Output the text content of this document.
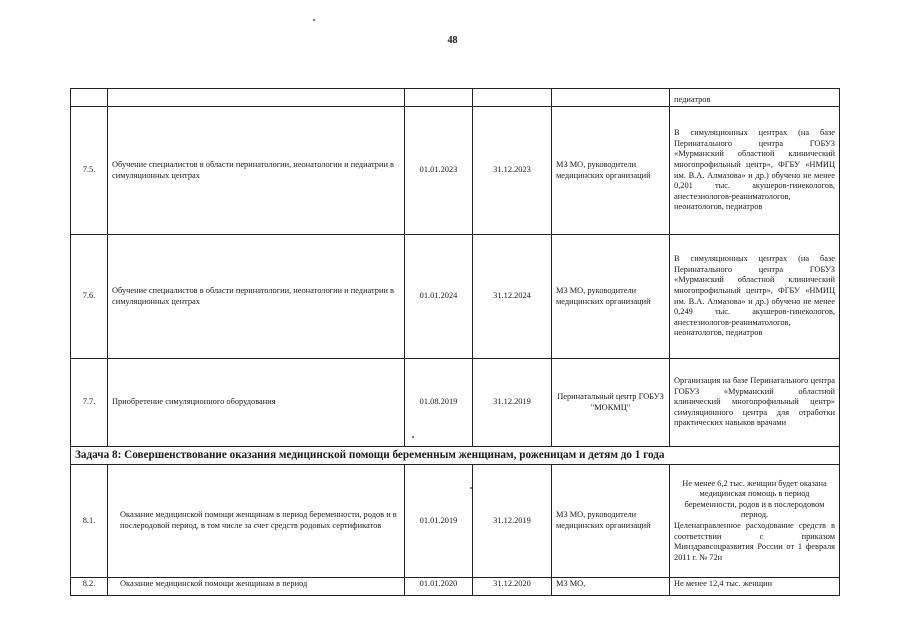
48
					педиатров
7.5.	Обучение специалистов в области перинатологии, неонатологии и педиатрии в симуляционных центрах	01.01.2023	31.12.2023	МЗ МО, руководители медицинских организаций	В симуляционных центрах (на базе Перинатального центра ГОБУЗ «Мурманский областной клинический многопрофильный центр», ФГБУ «НМИЦ им. В.А. Алмазова» и др.) обучено не менее 0,201 тыс. акушеров-гинекологов, анестезиологов-реаниматологов, неонатологов, педиатров
7.6.	Обучение специалистов в области перинатологии, неонатологии и педиатрии в симуляционных центрах	01.01.2024	31.12.2024	МЗ МО, руководители медицинских организаций	В симуляционных центрах (на базе Перинатального центра ГОБУЗ «Мурманский областной клинический многопрофильный центр», ФГБУ «НМИЦ им. В.А. Алмазова» и др.) обучено не менее 0,249 тыс. акушеров-гинекологов, анестезиологов-реаниматологов, неонатологов, педиатров
7.7.	Приобретение симуляционного оборудования	01.08.2019	31.12.2019	Перинатальный центр ГОБУЗ "МОКМЦ"	Организация на базе Перинатального центра ГОБУЗ «Мурманский областной клинический многопрофильный центр» симуляционного центра для отработки практических навыков врачами
Задача 8: Совершенствование оказания медицинской помощи беременным женщинам, роженицам и детям до 1 года					
8.1.	Оказание медицинской помощи женщинам в период беременности, родов и в послеродовой период, в том числе за счет средств родовых сертификатов	01.01.2019	31.12.2019	МЗ МО, руководители медицинских организаций	Не менее 6,2 тыс. женщин будет оказана медицинская помощь в период беременности, родов и в послеродовом период.
Целенаправленное расходование средств в соответствии с приказом Минздравсоцразвития России от 1 февраля 2011 г. № 72н

8.2.	Оказание медицинской помощи женщинам в период	01.01.2020	31.12.2020	МЗ МО,	Не менее 12,4 тыс. женщин
